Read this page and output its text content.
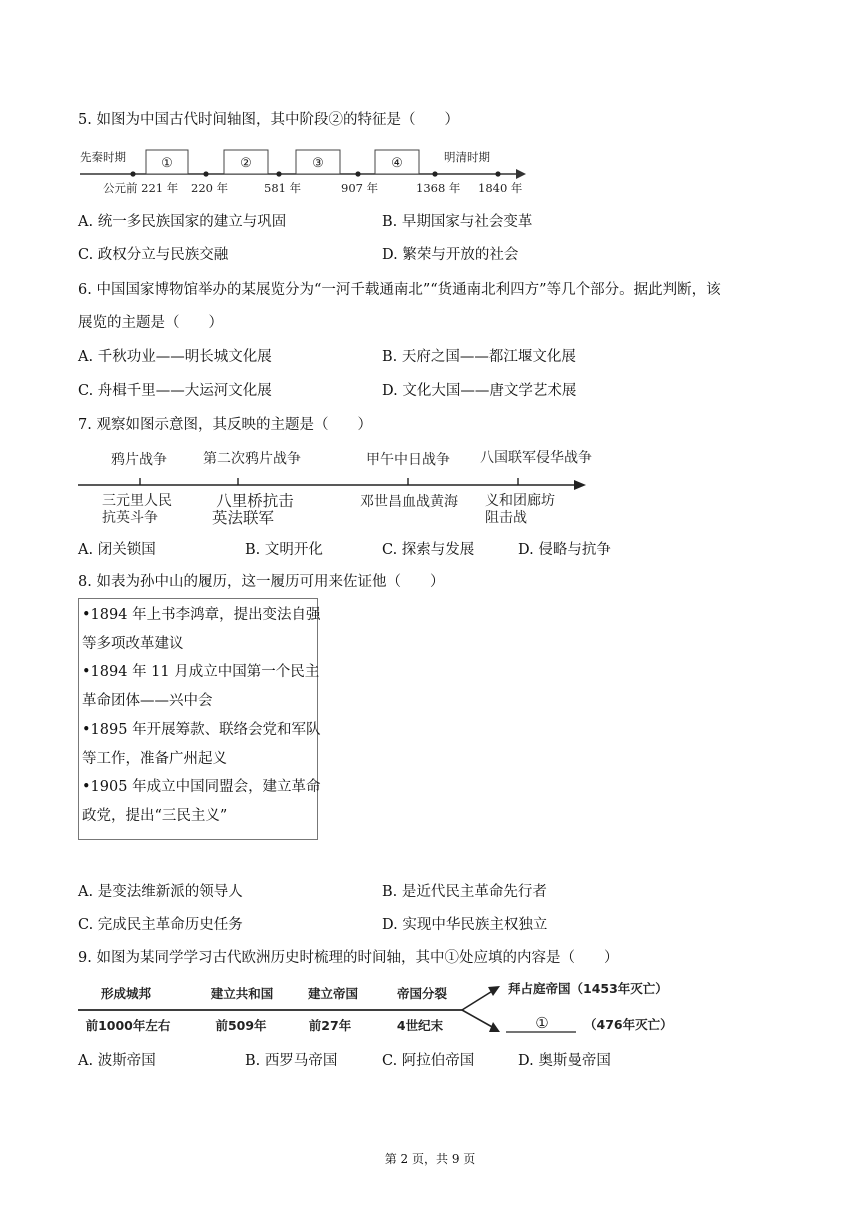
5. 如图为中国古代时间轴图，其中阶段②的特征是（　　）
先秦时期	明清时期
①	②	③	④
公元前 221 年 220 年	581 年	907 年	1368 年 1840 年
A. 统一多民族国家的建立与巩固	B. 早期国家与社会变革
C. 政权分立与民族交融	D. 繁荣与开放的社会
6. 中国国家博物馆举办的某展览分为“一河千载通南北”“货通南北利四方”等几个部分。据此判断，该
展览的主题是（　　）
A. 千秋功业——明长城文化展	B. 天府之国——都江堰文化展
C. 舟楫千里——大运河文化展	D. 文化大国——唐文学艺术展
7. 观察如图示意图，其反映的主题是（　　）
鸦片战争	第二次鸦片战争	甲午中日战争 八国联军侵华战争
三元里人民
抗英斗争
八里桥抗击
英法联军
邓世昌血战黄海 义和团廊坊
阻击战
A. 闭关锁国	B. 文明开化	C. 探索与发展	D. 侵略与抗争
8. 如表为孙中山的履历，这一履历可用来佐证他（　　）
•1894 年上书李鸿章，提出变法自强
等多项改革建议
•1894 年 11 月成立中国第一个民主
革命团体——兴中会
•1895 年开展筹款、联络会党和军队
等工作，准备广州起义
•1905 年成立中国同盟会，建立革命
政党，提出“三民主义”
A. 是变法维新派的领导人	B. 是近代民主革命先行者
C. 完成民主革命历史任务	D. 实现中华民族主权独立
9. 如图为某同学学习古代欧洲历史时梳理的时间轴，其中①处应填的内容是（　　）
形成城邦	建立共和国	建立帝国	帝国分裂
前1000年左右	前509年	前27年	4世纪末
拜占庭帝国（1453年灭亡）
①	（476年灭亡）
A. 波斯帝国	B. 西罗马帝国	C. 阿拉伯帝国	D. 奥斯曼帝国
第 2 页，共 9 页
